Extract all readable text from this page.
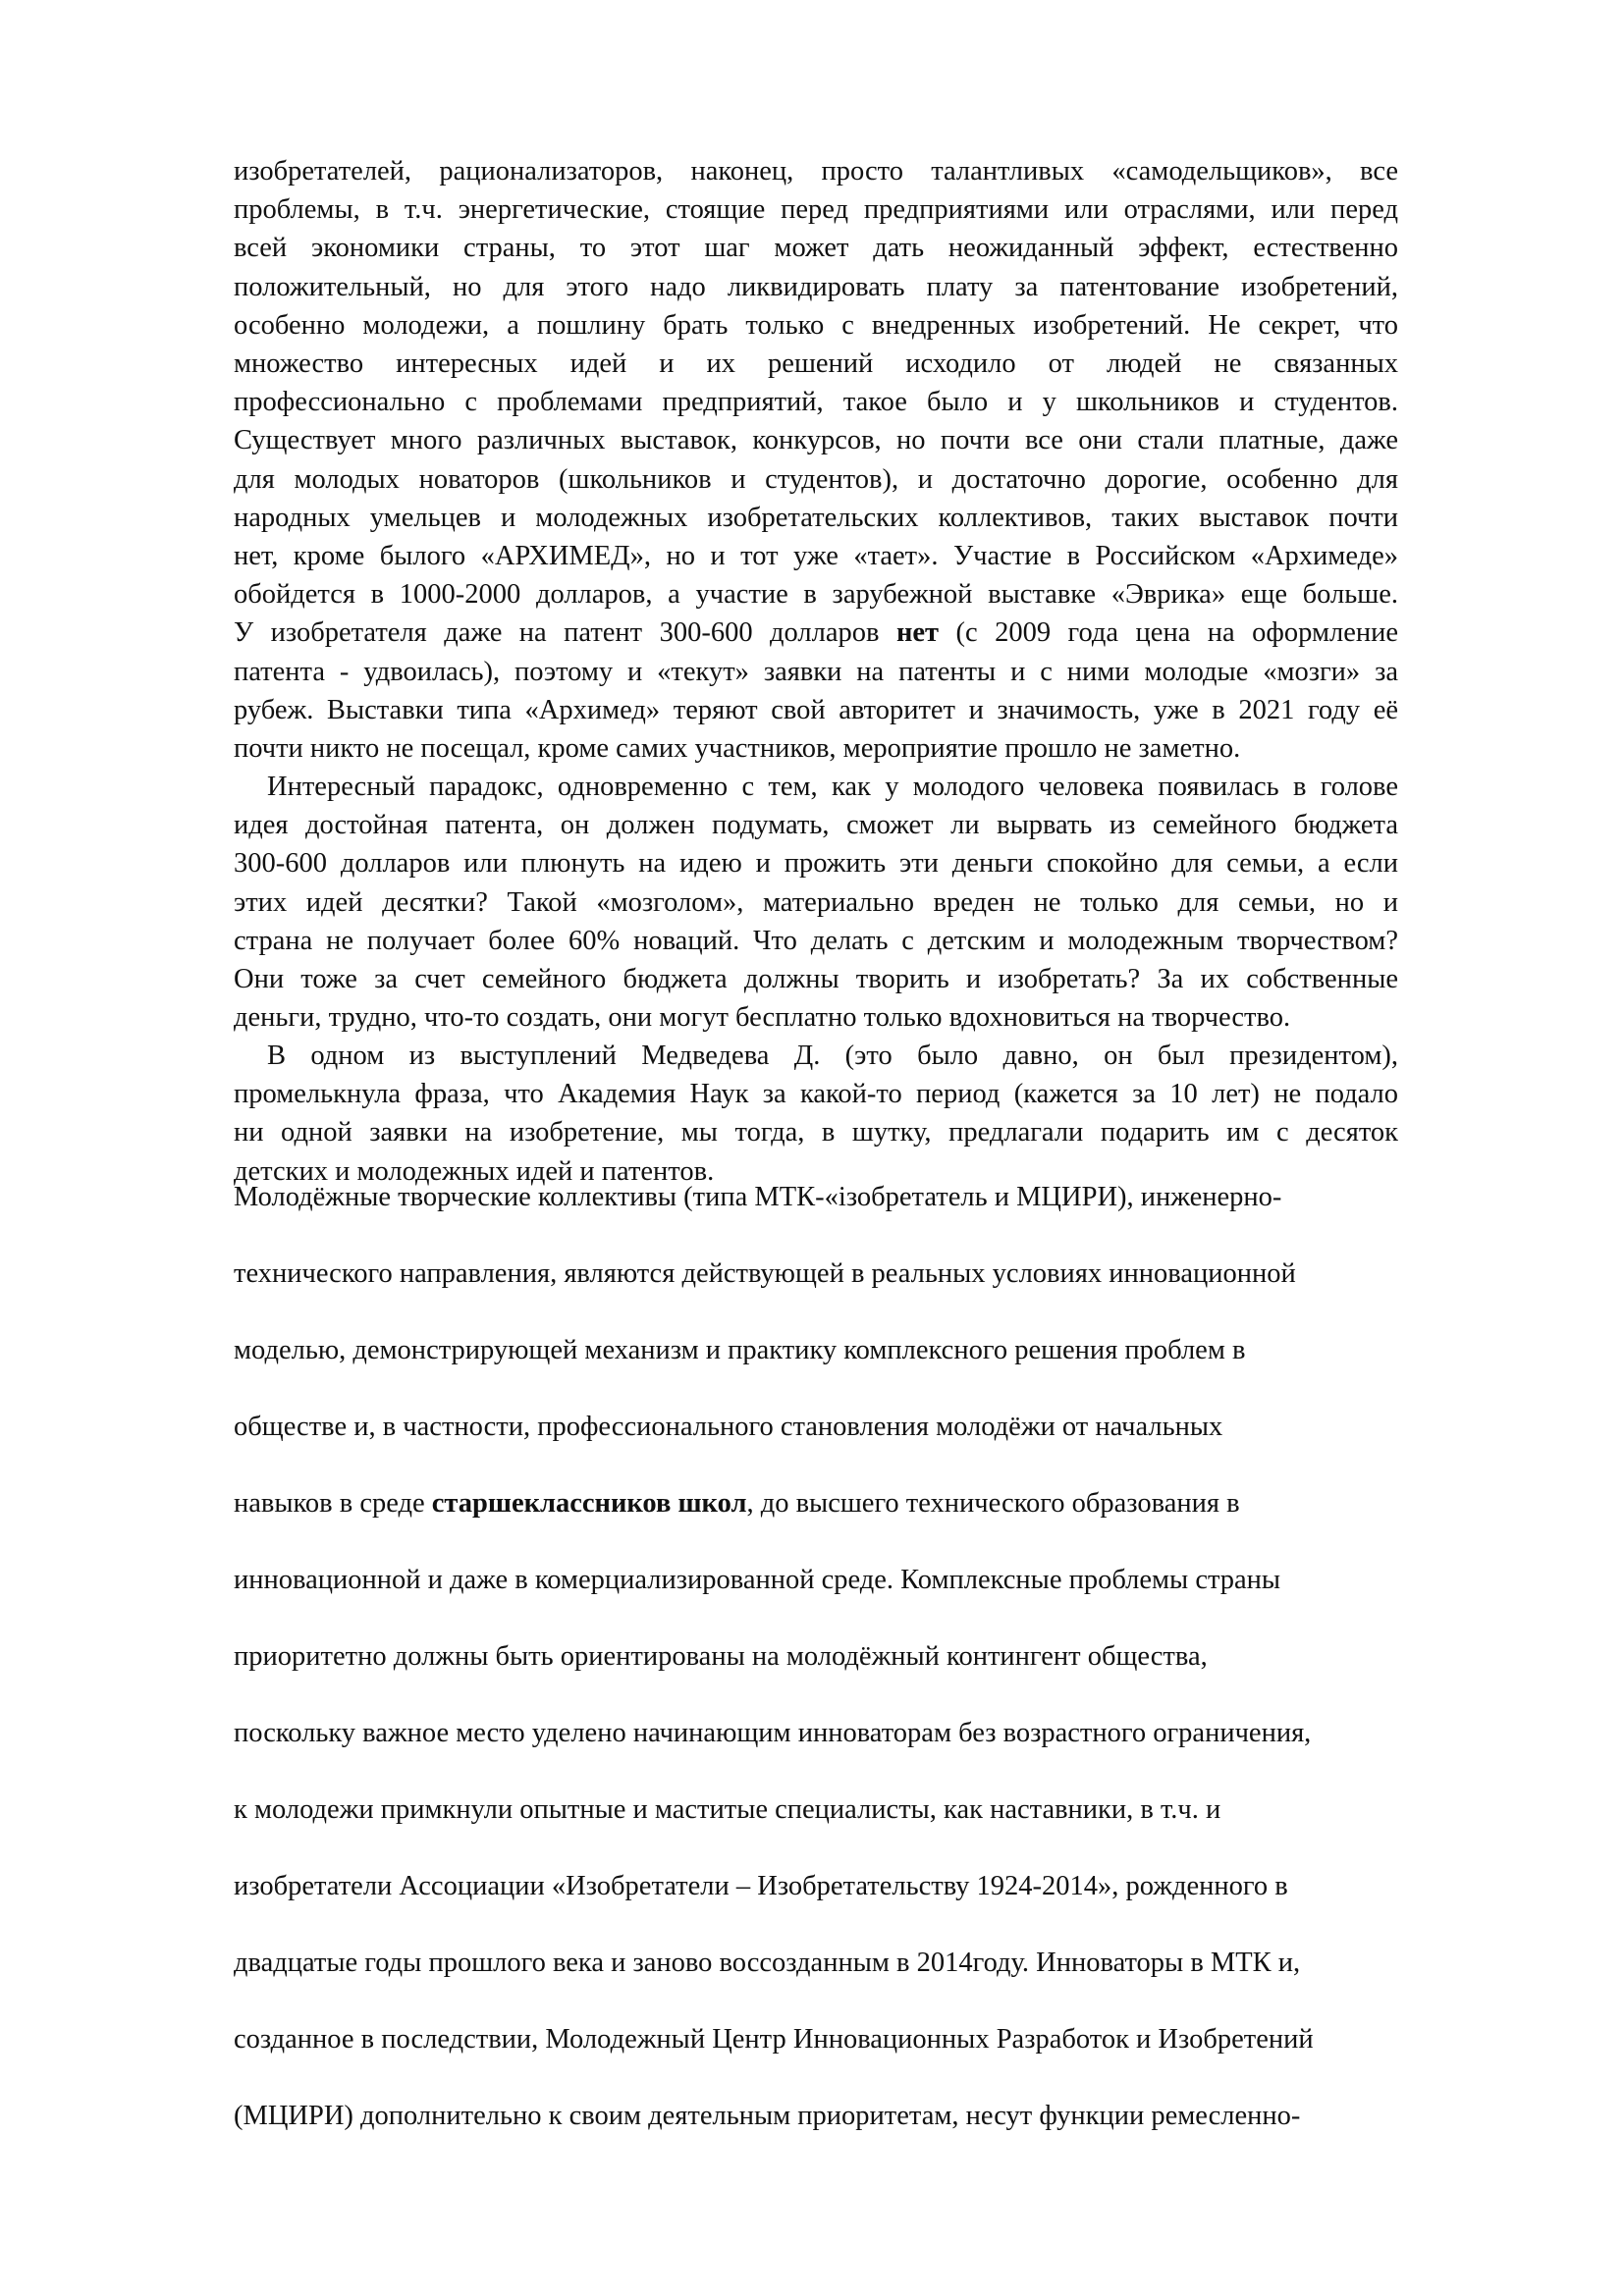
изобретателей, рационализаторов, наконец, просто талантливых «самодельщиков», все
проблемы, в т.ч. энергетические, стоящие перед предприятиями или отраслями, или перед
всей экономики страны, то этот шаг может дать неожиданный эффект, естественно
положительный, но для этого надо ликвидировать плату за патентование изобретений,
особенно молодежи, а пошлину брать только с внедренных изобретений. Не секрет, что
множество интересных идей и их решений исходило от людей не связанных
профессионально с проблемами предприятий, такое было и у школьников и студентов.
Существует много различных выставок, конкурсов, но почти все они стали платные, даже
для молодых новаторов (школьников и студентов), и достаточно дорогие, особенно для
народных умельцев и молодежных изобретательских коллективов, таких выставок почти
нет, кроме былого «АРХИМЕД», но и тот уже «тает». Участие в Российском «Архимеде»
обойдется в 1000-2000 долларов, а участие в зарубежной выставке «Эврика» еще больше.
У изобретателя даже на патент 300-600 долларов нет (с 2009 года цена на оформление
патента - удвоилась), поэтому и «текут» заявки на патенты и с ними молодые «мозги» за
рубеж. Выставки типа «Архимед» теряют свой авторитет и значимость, уже в 2021 году её
почти никто не посещал, кроме самих участников, мероприятие прошло не заметно.
Интересный парадокс, одновременно с тем, как у молодого человека появилась в голове
идея достойная патента, он должен подумать, сможет ли вырвать из семейного бюджета
300-600 долларов или плюнуть на идею и прожить эти деньги спокойно для семьи, а если
этих идей десятки? Такой «мозголом», материально вреден не только для семьи, но и
страна не получает более 60% новаций. Что делать с детским и молодежным творчеством?
Они тоже за счет семейного бюджета должны творить и изобретать? За их собственные
деньги, трудно, что-то создать, они могут бесплатно только вдохновиться на творчество.
В одном из выступлений Медведева Д. (это было давно, он был президентом),
промелькнула фраза, что Академия Наук за какой-то период (кажется за 10 лет) не подало
ни одной заявки на изобретение, мы тогда, в шутку, предлагали подарить им с десяток
детских и молодежных идей и патентов.
Молодёжные творческие коллективы (типа МТК-«ізобретатель и МЦИРИ), инженерно-
технического направления, являются действующей в реальных условиях инновационной
моделью, демонстрирующей механизм и практику комплексного решения проблем в
обществе и, в частности, профессионального становления молодёжи от начальных
навыков в среде старшеклассников школ, до высшего технического образования в
инновационной и даже в комерциализированной среде. Комплексные проблемы страны
приоритетно должны быть ориентированы на молодёжный контингент общества,
поскольку важное место уделено начинающим инноваторам без возрастного ограничения,
к молодежи примкнули опытные и маститые специалисты, как наставники, в т.ч. и
изобретатели Ассоциации «Изобретатели – Изобретательству 1924-2014», рожденного в
двадцатые годы прошлого века и заново воссозданным в 2014году. Инноваторы в МТК и,
созданное в последствии, Молодежный Центр Инновационных Разработок и Изобретений
(МЦИРИ) дополнительно к своим деятельным приоритетам, несут функции ремесленно-
